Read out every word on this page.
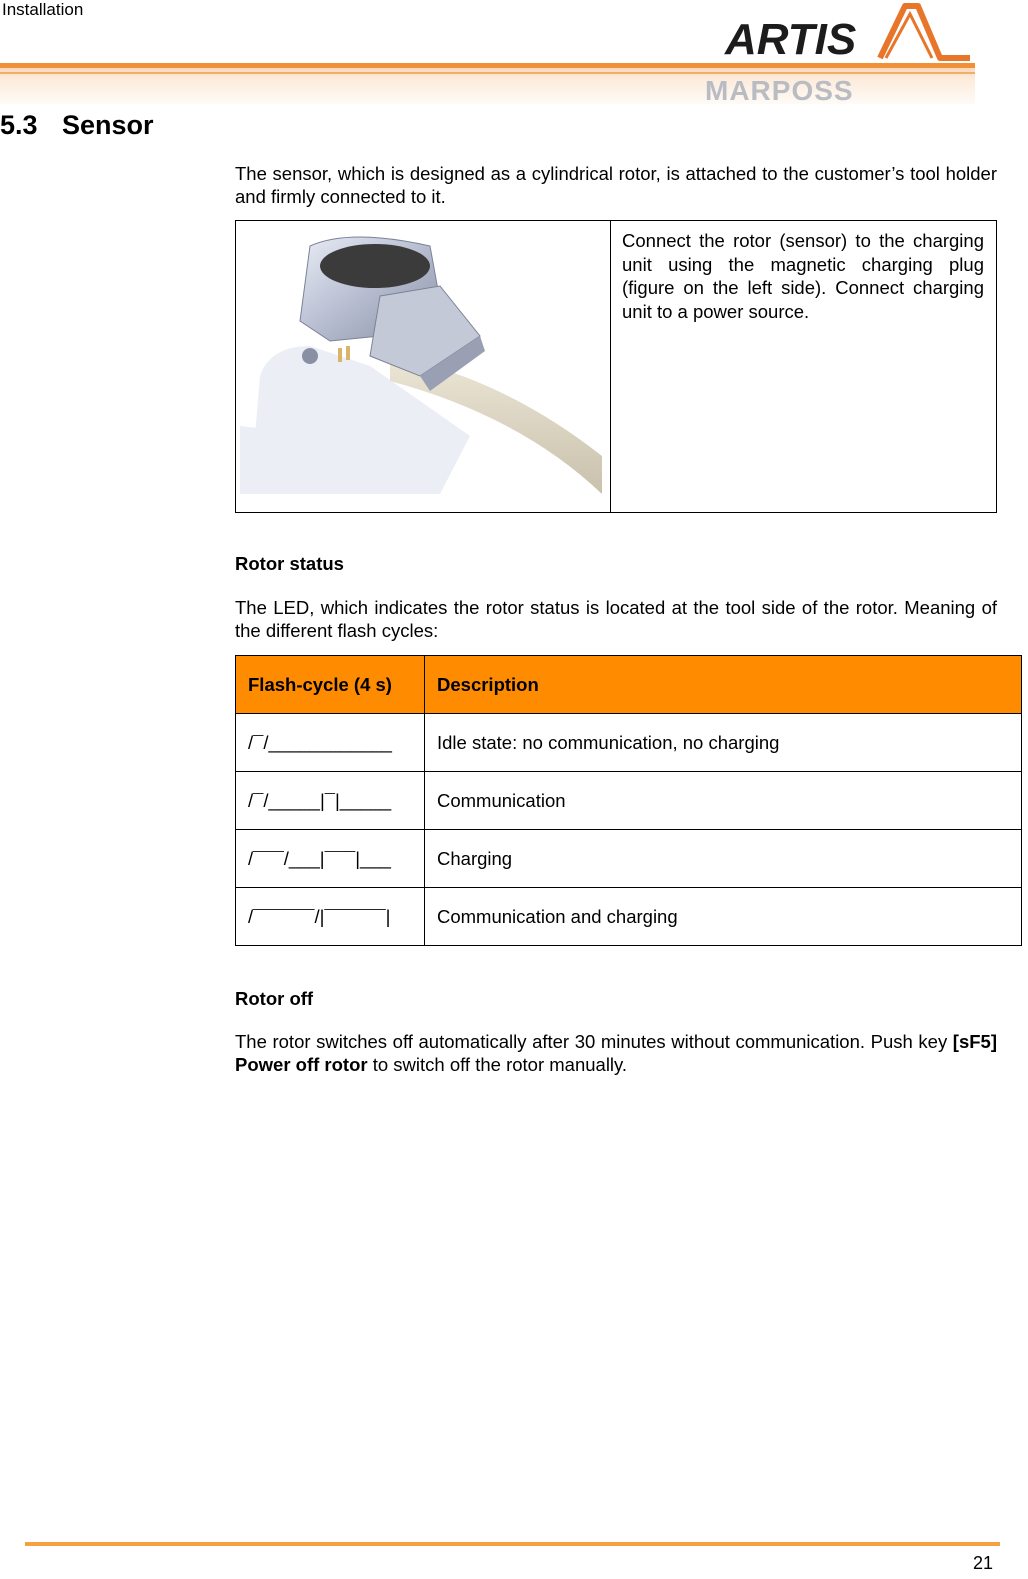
Installation
ARTIS
MARPOSS
5.3 Sensor
The sensor, which is designed as a cylindrical rotor, is attached to the customer’s tool holder and firmly connected to it.
Connect the rotor (sensor) to the charging unit using the magnetic charging plug (figure on the left side). Connect charging unit to a power source.
Rotor status
The LED, which indicates the rotor status is located at the tool side of the rotor. Meaning of the different flash cycles:
Flash-cycle (4 s)	Description
/¯/____________	Idle state: no communication, no charging
/¯/_____|¯|_____	Communication
/¯¯¯/___|¯¯¯|___	Charging
/¯¯¯¯¯¯/|¯¯¯¯¯¯|	Communication and charging
Rotor off
The rotor switches off automatically after 30 minutes without communication. Push key [sF5] Power off rotor to switch off the rotor manually.
21
